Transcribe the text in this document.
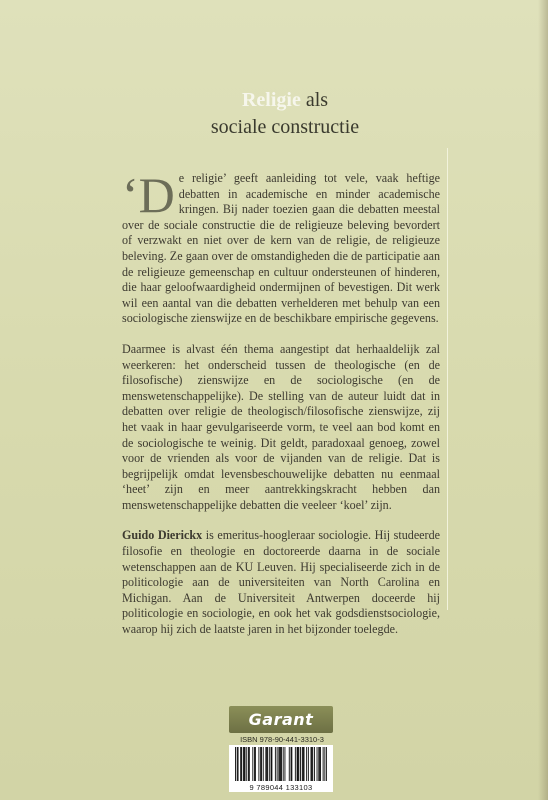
Religie als
sociale constructie

‘De religie’ geeft aanleiding tot vele, vaak heftige debatten in academische en minder academische kringen. Bij nader toezien gaan die debatten meestal over de sociale constructie die de religieuze beleving bevordert of verzwakt en niet over de kern van de religie, de religieuze beleving. Ze gaan over de omstandigheden die de participatie aan de religieuze gemeenschap en cultuur ondersteunen of hinderen, die haar geloofwaardigheid ondermijnen of bevestigen. Dit werk wil een aantal van die debatten verhelderen met behulp van een sociologische zienswijze en de beschikbare empirische gegevens.

Daarmee is alvast één thema aangestipt dat herhaaldelijk zal weerkeren: het onderscheid tussen de theologische (en de filosofische) zienswijze en de sociologische (en de menswetenschappelijke). De stelling van de auteur luidt dat in debatten over religie de theologisch/filosofische zienswijze, zij het vaak in haar gevulgariseerde vorm, te veel aan bod komt en de sociologische te weinig. Dit geldt, paradoxaal genoeg, zowel voor de vrienden als voor de vijanden van de religie. Dat is begrijpelijk omdat levensbeschouwelijke debatten nu eenmaal ‘heet’ zijn en meer aantrekkingskracht hebben dan menswetenschappelijke debatten die veeleer ‘koel’ zijn.

Guido Dierickx is emeritus-hoogleraar sociologie. Hij studeerde filosofie en theologie en doctoreerde daarna in de sociale wetenschappen aan de KU Leuven. Hij specialiseerde zich in de politicologie aan de universiteiten van North Carolina en Michigan. Aan de Universiteit Antwerpen doceerde hij politicologie en sociologie, en ook het vak godsdienstsociologie, waarop hij zich de laatste jaren in het bijzonder toelegde.

Garant
ISBN 978-90-441-3310-3
9 789044 133103
